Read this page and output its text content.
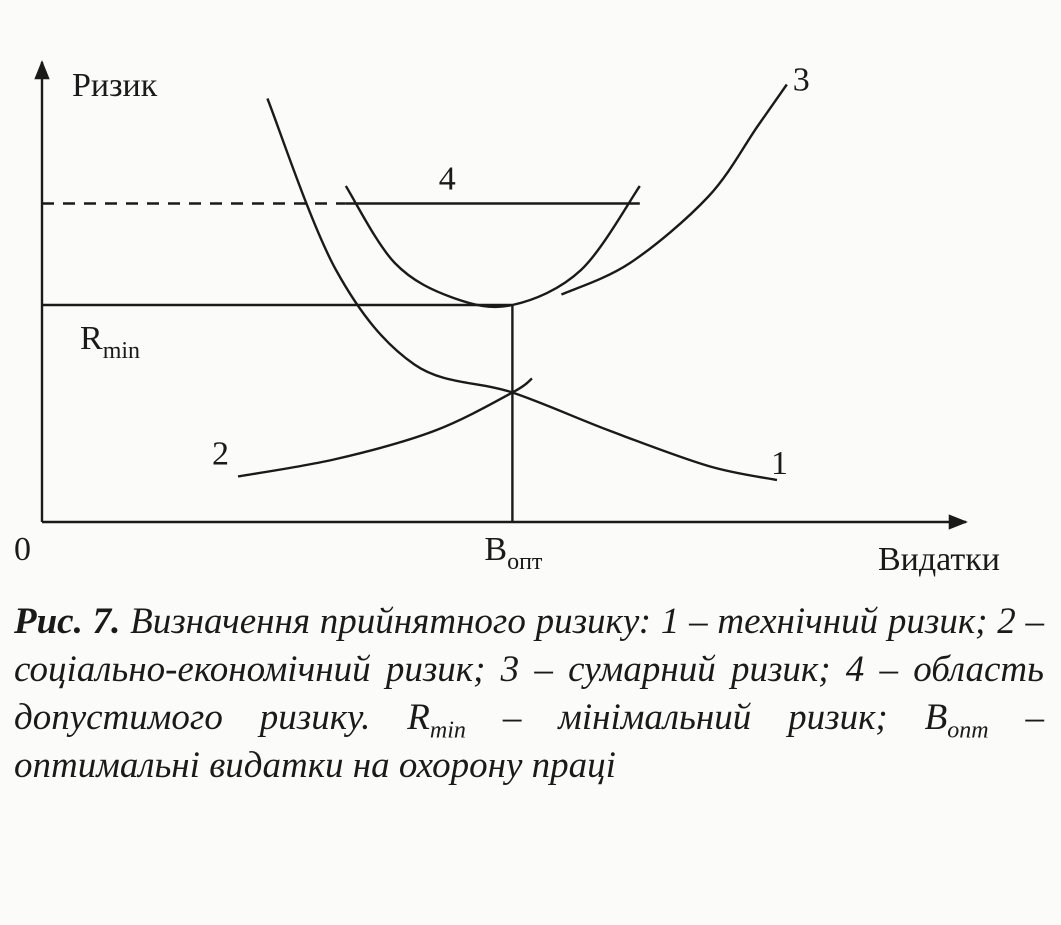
Ризик
Видатки
0
1
2
3
4
$R_{min}$
$B_{опт}$

Рис. 7. Визначення прийнятного ризику: 1 – технічний ризик; 2 – соціально-економічний ризик; 3 – сумарний ризик; 4 – область допустимого ризику. $R_{min}$ – мінімальний ризик; $B_{опт}$ – оптимальні видатки на охорону праці
